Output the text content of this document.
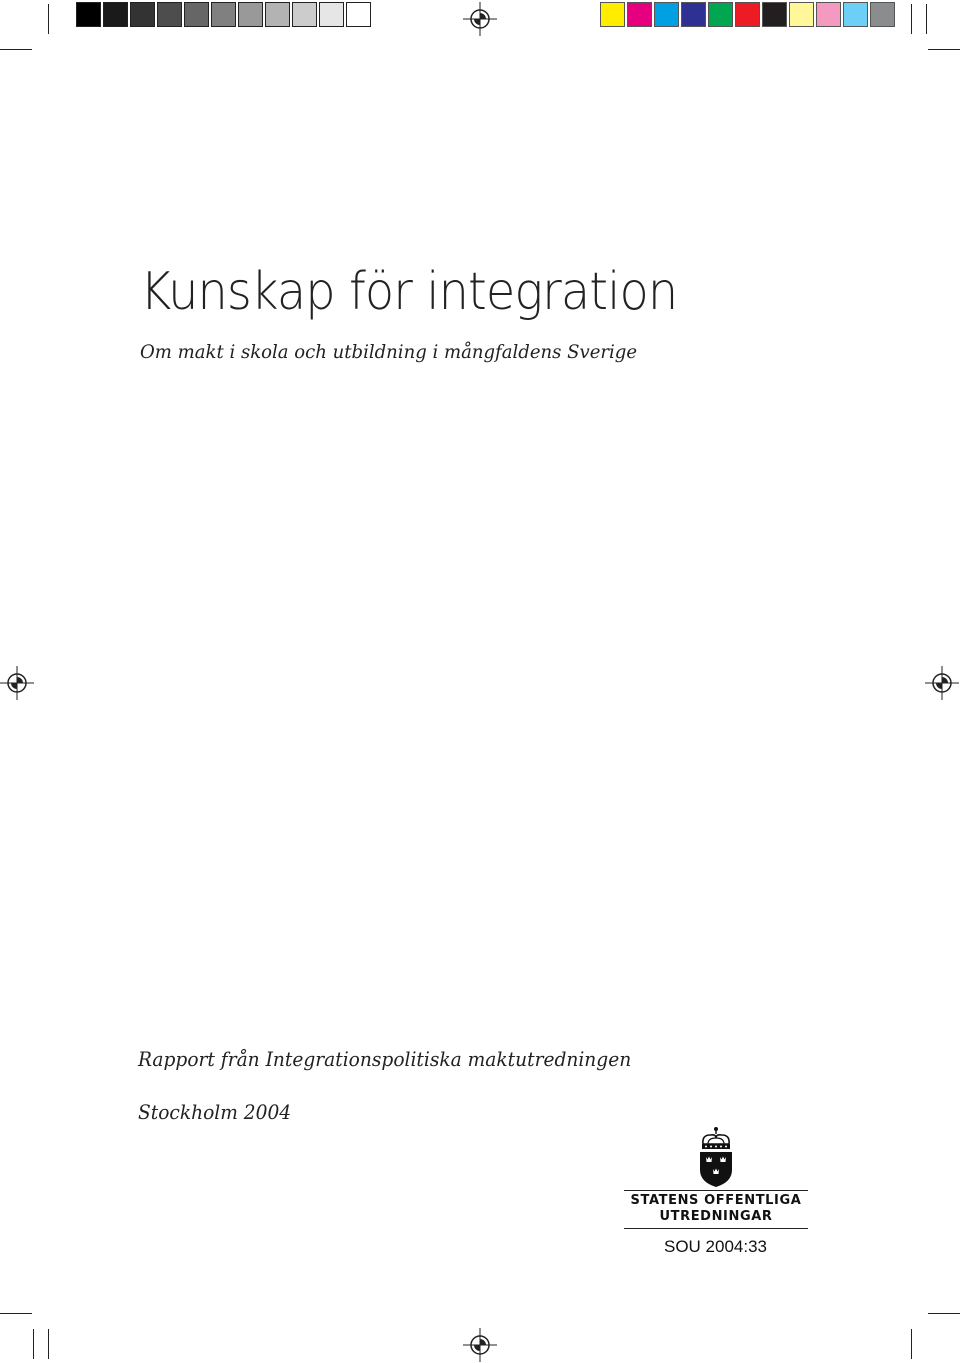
Kunskap för integration

Om makt i skola och utbildning i mångfaldens Sverige

Rapport från Integrationspolitiska maktutredningen

Stockholm 2004

STATENS OFFENTLIGA
UTREDNINGAR

SOU 2004:33
